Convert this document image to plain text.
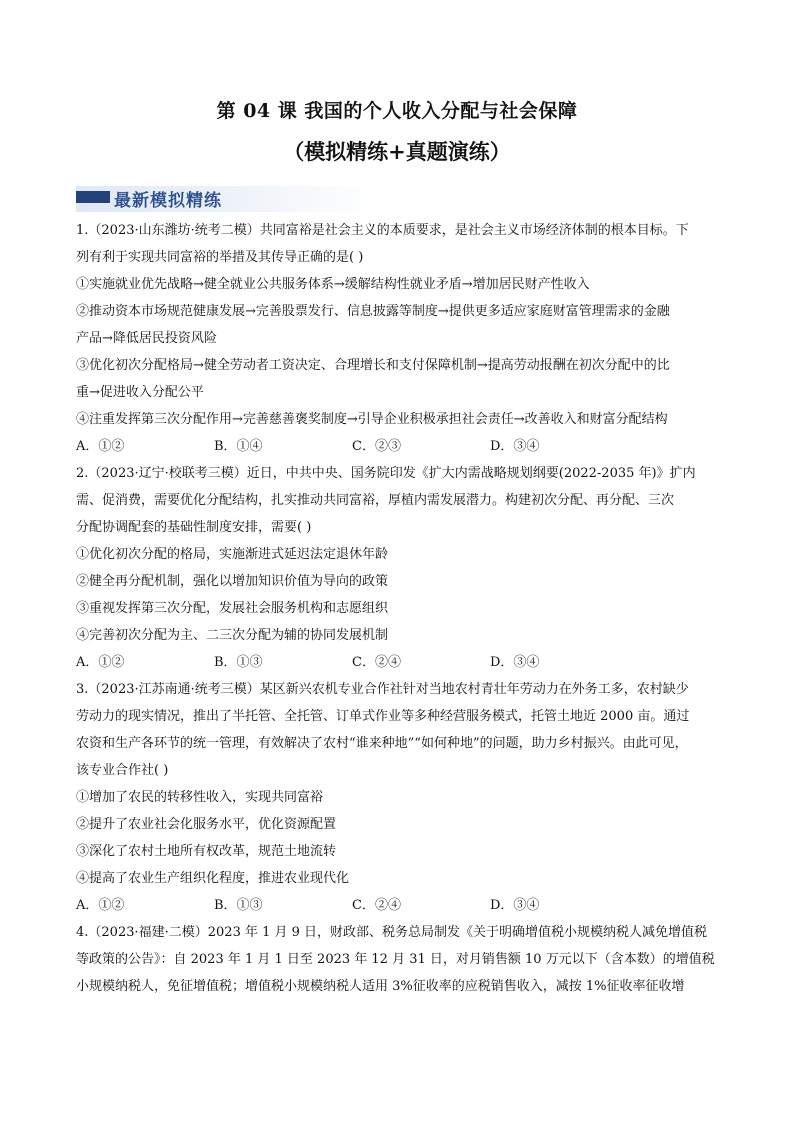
第 04 课 我国的个人收入分配与社会保障
（模拟精练+真题演练）
最新模拟精练
1.（2023·山东潍坊·统考二模）共同富裕是社会主义的本质要求，是社会主义市场经济体制的根本目标。下
列有利于实现共同富裕的举措及其传导正确的是( )
①实施就业优先战略→健全就业公共服务体系→缓解结构性就业矛盾→增加居民财产性收入
②推动资本市场规范健康发展→完善股票发行、信息披露等制度→提供更多适应家庭财富管理需求的金融
产品→降低居民投资风险
③优化初次分配格局→健全劳动者工资决定、合理增长和支付保障机制→提高劳动报酬在初次分配中的比
重→促进收入分配公平
④注重发挥第三次分配作用→完善慈善褒奖制度→引导企业积极承担社会责任→改善收入和财富分配结构
A．①②	B．①④	C．②③	D．③④
2.（2023·辽宁·校联考三模）近日，中共中央、国务院印发《扩大内需战略规划纲要(2022-2035 年)》扩内
需、促消费，需要优化分配结构，扎实推动共同富裕，厚植内需发展潜力。构建初次分配、再分配、三次
分配协调配套的基础性制度安排，需要( )
①优化初次分配的格局，实施渐进式延迟法定退休年龄
②健全再分配机制，强化以增加知识价值为导向的政策
③重视发挥第三次分配，发展社会服务机构和志愿组织
④完善初次分配为主、二三次分配为辅的协同发展机制
A．①②	B．①③	C．②④	D．③④
3.（2023·江苏南通·统考三模）某区新兴农机专业合作社针对当地农村青壮年劳动力在外务工多，农村缺少
劳动力的现实情况，推出了半托管、全托管、订单式作业等多种经营服务模式，托管土地近 2000 亩。通过
农资和生产各环节的统一管理，有效解决了农村“谁来种地”“如何种地”的问题，助力乡村振兴。由此可见，
该专业合作社( )
①增加了农民的转移性收入，实现共同富裕
②提升了农业社会化服务水平，优化资源配置
③深化了农村土地所有权改革，规范土地流转
④提高了农业生产组织化程度，推进农业现代化
A．①②	B．①③	C．②④	D．③④
4.（2023·福建·二模）2023 年 1 月 9 日，财政部、税务总局制发《关于明确增值税小规模纳税人减免增值税
等政策的公告》：自 2023 年 1 月 1 日至 2023 年 12 月 31 日，对月销售额 10 万元以下（含本数）的增值税
小规模纳税人，免征增值税；增值税小规模纳税人适用 3%征收率的应税销售收入，减按 1%征收率征收增
